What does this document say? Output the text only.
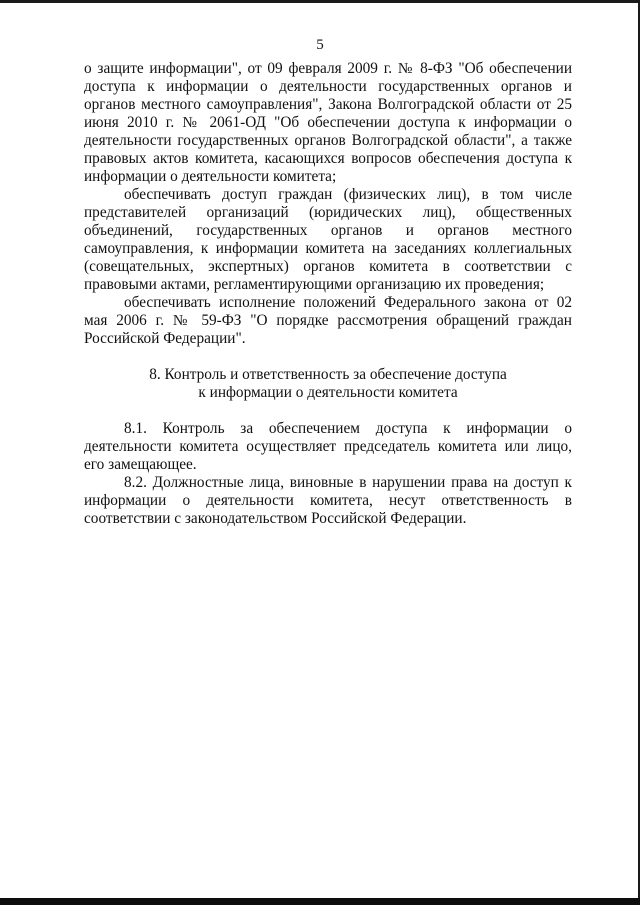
5

о защите информации", от 09 февраля 2009 г. № 8-ФЗ "Об обеспечении доступа к информации о деятельности государственных органов и органов местного самоуправления", Закона Волгоградской области от 25 июня 2010 г. № 2061-ОД "Об обеспечении доступа к информации о деятельности государственных органов Волгоградской области", а также правовых актов комитета, касающихся вопросов обеспечения доступа к информации о деятельности комитета;

обеспечивать доступ граждан (физических лиц), в том числе представителей организаций (юридических лиц), общественных объединений, государственных органов и органов местного самоуправления, к информации комитета на заседаниях коллегиальных (совещательных, экспертных) органов комитета в соответствии с правовыми актами, регламентирующими организацию их проведения;

обеспечивать исполнение положений Федерального закона от 02 мая 2006 г. № 59-ФЗ "О порядке рассмотрения обращений граждан Российской Федерации".

8. Контроль и ответственность за обеспечение доступа
к информации о деятельности комитета

8.1. Контроль за обеспечением доступа к информации о деятельности комитета осуществляет председатель комитета или лицо, его замещающее.

8.2. Должностные лица, виновные в нарушении права на доступ к информации о деятельности комитета, несут ответственность в соответствии с законодательством Российской Федерации.
